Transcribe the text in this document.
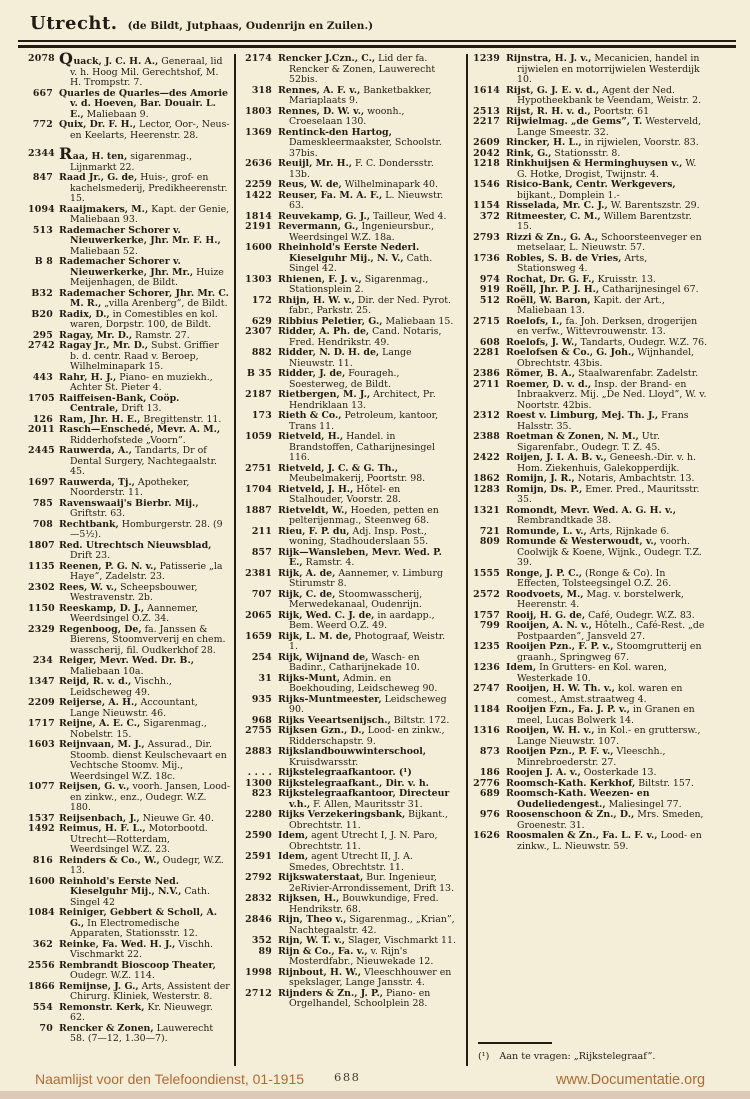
Utrecht. (de Bildt, Jutphaas, Oudenrijn en Zuilen.)
2078 Quack, J. C. H. A., Generaal, lid v. h. Hoog Mil. Gerechtshof, M. H. Trompstr. 7.
667 Quarles de Quarles—des Amorie v. d. Hoeven, Bar. Douair. L. E., Maliebaan 9.
772 Quix, Dr. F. H., Lector, Oor-, Neus- en Keelarts, Heerenstr. 28.
2344 Raa, H. ten, sigarenmag., Lijnmarkt 22.
847 Raad Jr., G. de, Huis-, grof- en kachelsmederij, Predikheerenstr. 15.
1094 Raaijmakers, M., Kapt. der Genie, Maliebaan 93.
513 Rademacher Schorer v. Nieuwerkerke, Jhr. Mr. F. H., Maliebaan 52.
B 8 Rademacher Schorer v. Nieuwerkerke, Jhr. Mr., Huize Meijenhagen, de Bildt.
B32 Rademacher Schorer, Jhr. Mr. C. M. R., „villa Arenberg”, de Bildt.
B20 Radix, D., in Comestibles en kol. waren, Dorpstr. 100, de Bildt.
295 Ragay, Mr. D., Ramstr. 27.
2742 Ragay Jr., Mr. D., Subst. Griffier b. d. centr. Raad v. Beroep, Wilhelminapark 15.
443 Rahr, H. J., Piano- en muziekh., Achter St. Pieter 4.
1705 Raiffeisen-Bank, Coöp. Centrale, Drift 13.
126 Ram, Jhr. H. E., Bregittenstr. 11.
2011 Rasch—Enschedé, Mevr. A. M., Ridderhofstede „Voorn”.
2445 Rauwerda, A., Tandarts, Dr of Dental Surgery, Nachtegaalstr. 45.
1697 Rauwerda, Tj., Apotheker, Noorderstr. 11.
785 Ravenswaaij's Bierbr. Mij., Griftstr. 63.
708 Rechtbank, Homburgerstr. 28. (9—5½).
1807 Red. Utrechtsch Nieuwsblad, Drift 23.
1135 Reenen, P. G. N. v., Patisserie „la Haye”, Zadelstr. 23.
2302 Rees, W. v., Scheepsbouwer, Westravenstr. 2b.
1150 Reeskamp, D. J., Aannemer, Weerdsingel O.Z. 34.
2329 Regenboog, De, fa. Janssen & Bierens, Stoomververij en chem. wasscherij, fil. Oudkerkhof 28.
234 Reiger, Mevr. Wed. Dr. B., Maliebaan 10a.
1347 Reijd, R. v. d., Vischh., Leidscheweg 49.
2209 Reijerse, A. H., Accountant, Lange Nieuwstr. 46.
1717 Reijne, A. E. C., Sigarenmag., Nobelstr. 15.
1603 Reijnvaan, M. J., Assurad., Dir. Stoomb. dienst Keulschevaart en Vechtsche Stoomv. Mij., Weerdsingel W.Z. 18c.
1077 Reijsen, G. v., voorh. Jansen, Lood- en zinkw., enz., Oudegr. W.Z. 180.
1537 Reijsenbach, J., Nieuwe Gr. 40.
1492 Reimus, H. F. L., Motorbootd. Utrecht—Rotterdam, Weerdsingel W.Z. 23.
816 Reinders & Co., W., Oudegr, W.Z. 13.
1600 Reinhold's Eerste Ned. Kieselguhr Mij., N.V., Cath. Singel 42
1084 Reiniger, Gebbert & Scholl, A. G., In Electromedische Apparaten, Stationsstr. 12.
362 Reinke, Fa. Wed. H. J., Vischh. Vischmarkt 22.
2556 Rembrandt Bioscoop Theater, Oudegr. W.Z. 114.
1866 Remijnse, J. G., Arts, Assistent der Chirurg. Kliniek, Westerstr. 8.
554 Remonstr. Kerk, Kr. Nieuwegr. 62.
70 Rencker & Zonen, Lauwerecht 58. (7—12, 1.30—7).
2174 Rencker J.Czn., C., Lid der fa. Rencker & Zonen, Lauwerecht 52bis.
318 Rennes, A. F. v., Banketbakker, Mariaplaats 9.
1803 Rennes, D. W. v., woonh., Croeselaan 130.
1369 Rentinck-den Hartog, Dameskleermaakster, Schoolstr. 37bis.
2636 Reuijl, Mr. H., F. C. Dondersstr. 13b.
2259 Reus, W. de, Wilhelminapark 40.
1422 Reuser, Fa. M. A. F., L. Nieuwstr. 63.
1814 Reuvekamp, G. J., Tailleur, Wed 4.
2191 Revermann, G., Ingenieursbur., Weerdsingel W.Z. 18a.
1600 Rheinhold's Eerste Nederl. Kieselguhr Mij., N. V., Cath. Singel 42.
1303 Rhienen, F. J. v., Sigarenmag., Stationsplein 2.
172 Rhijn, H. W. v., Dir. der Ned. Pyrot. fabr., Parkstr. 25.
629 Ribbius Peletier, G., Maliebaan 15.
2307 Ridder, A. Ph. de, Cand. Notaris, Fred. Hendrikstr. 49.
882 Ridder, N. D. H. de, Lange Nieuwstr. 11.
B 35 Ridder, J. de, Fourageh., Soesterweg, de Bildt.
2187 Rietbergen, M. J., Architect, Pr. Hendriklaan 13.
173 Rieth & Co., Petroleum, kantoor, Trans 11.
1059 Rietveld, H., Handel. in Brandstoffen, Catharijnesingel 116.
2751 Rietveld, J. C. & G. Th., Meubelmakerij, Poortstr. 98.
1704 Rietveld, J. H., Hôtel- en Stalhouder, Voorstr. 28.
1887 Rietveldt, W., Hoeden, petten en pelterijenmag., Steenweg 68.
211 Rieu, F. P. du, Adj. Insp. Post., woning, Stadhouderslaan 55.
857 Rijk—Wansleben, Mevr. Wed. P. E., Ramstr. 4.
2381 Rijk, A. de, Aannemer, v. Limburg Stirumstr 8.
707 Rijk, C. de, Stoomwasscherij, Merwedekanaal, Oudenrijn.
2065 Rijk, Wed. C. J. de, in aardapp., Bem. Weerd O.Z. 49.
1659 Rijk, L. M. de, Photograaf, Weistr. 1.
254 Rijk, Wijnand de, Wasch- en Badinr., Catharijnekade 10.
31 Rijks-Munt, Admin. en Boekhouding, Leidscheweg 90.
935 Rijks-Muntmeester, Leidscheweg 90.
968 Rijks Veeartsenijsch., Biltstr. 172.
2755 Rijksen Gzn., D., Lood- en zinkw., Ridderschapstr. 9.
2883 Rijkslandbouwwinterschool, Kruisdwarsstr.
. . . . Rijkstelegraafkantoor. (¹)
1300 Rijkstelegraafkant., Dir. v. h.
823 Rijkstelegraafkantoor, Directeur v.h., F. Allen, Mauritsstr 31.
2280 Rijks Verzekeringsbank, Bijkant., Obrechtstr. 11.
2590 Idem, agent Utrecht I, J. N. Paro, Obrechtstr. 11.
2591 Idem, agent Utrecht II, J. A. Smedes, Obrechtstr. 11.
2792 Rijkswaterstaat, Bur. Ingenieur, 2eRivier-Arrondissement, Drift 13.
2832 Rijksen, H., Bouwkundige, Fred. Hendrikstr. 68.
2846 Rijn, Theo v., Sigarenmag., „Krian”, Nachtegaalstr. 42.
352 Rijn, W. T. v., Slager, Vischmarkt 11.
89 Rijn & Co., Fa. v., v. Rijn's Mosterdfabr., Nieuwekade 12.
1998 Rijnbout, H. W., Vleeschhouwer en spekslager, Lange Jansstr. 4.
2712 Rijnders & Zn., J. P., Piano- en Orgelhandel, Schoolplein 28.
1239 Rijnstra, H. J. v., Mecanicien, handel in rijwielen en motorrijwielen Westerdijk 10.
1614 Rijst, G. J. E. v. d., Agent der Ned. Hypotheekbank te Veendam, Weistr. 2.
2513 Rijst, R. H. v. d., Poortstr. 61
2217 Rijwielmag. „de Gems”, T. Westerveld, Lange Smeestr. 32.
2609 Rincker, H. L., in rijwielen, Voorstr. 83.
2042 Rink, G., Stationsstr. 8.
1218 Rinkhuijsen & Herminghuysen v., W. G. Hotke, Drogist, Twijnstr. 4.
1546 Risico-Bank, Centr. Werkgevers, bijkant., Domplein 1.-
1154 Risselada, Mr. C. J., W. Barentszstr. 29.
372 Ritmeester, C. M., Willem Barentzstr. 15.
2793 Rizzi & Zn., G. A., Schoorsteenveger en metselaar, L. Nieuwstr. 57.
1736 Robles, S. B. de Vries, Arts, Stationsweg 4.
974 Rochat, Dr. G. F., Kruisstr. 13.
919 Roëll, Jhr. P. J. H., Catharijnesingel 67.
512 Roëll, W. Baron, Kapit. der Art., Maliebaan 13.
2715 Roelofs, I., fa. Joh. Derksen, drogerijen en verfw., Wittevrouwenstr. 13.
608 Roelofs, J. W., Tandarts, Oudegr. W.Z. 76.
2281 Roelofsen & Co., G. Joh., Wijnhandel, Obrechtstr. 43bis.
2386 Römer, B. A., Staalwarenfabr. Zadelstr.
2711 Roemer, D. v. d., Insp. der Brand- en Inbraakverz. Mij. „De Ned. Lloyd”, W. v. Noortstr. 42bis.
2312 Roest v. Limburg, Mej. Th. J., Frans Halsstr. 35.
2388 Roetman & Zonen, N. M., Utr. Sigarenfabr., Oudegr. T. Z. 45.
2422 Roijen, J. I. A. B. v., Geneesh.-Dir. v. h. Hom. Ziekenhuis, Galekopperdijk.
1862 Romijn, J. R., Notaris, Ambachtstr. 13.
1283 Romijn, Ds. P., Emer. Pred., Mauritsstr. 35.
1321 Romondt, Mevr. Wed. A. G. H. v., Rembrandtkade 38.
721 Romunde, L. v., Arts, Rijnkade 6.
809 Romunde & Westerwoudt, v., voorh. Coolwijk & Koene, Wijnk., Oudegr. T.Z. 39.
1555 Ronge, J. P. C., (Ronge & Co). In Effecten, Tolsteegsingel O.Z. 26.
2572 Roodvoets, M., Mag. v. borstelwerk, Heerenstr. 4.
1757 Rooij, H. G. de, Café, Oudegr. W.Z. 83.
799 Rooijen, A. N. v., Hôtelh., Café-Rest. „de Postpaarden”, Jansveld 27.
1235 Rooijen Pzn., F. P. v., Stoomgrutterij en graanh., Springweg 67.
1236 Idem, In Grutters- en Kol. waren, Westerkade 10.
2747 Rooijen, H. W. Th. v., kol. waren en comest., Amst.straatweg 4.
1184 Rooijen Fzn., Fa. J. P. v., in Granen en meel, Lucas Bolwerk 14.
1316 Rooijen, W. H. v., in Kol.- en gruttersw., Lange Nieuwstr. 107.
873 Rooijen Pzn., P. F. v., Vleeschh., Minrebroederstr. 27.
186 Roojen J. A. v., Oosterkade 13.
2776 Roomsch-Kath. Kerkhof, Biltstr. 157.
689 Roomsch-Kath. Weezen- en Oudeliedengest., Maliesingel 77.
976 Roosenschoon & Zn., D., Mrs. Smeden, Groenestr. 31.
1626 Roosmalen & Zn., Fa. L. F. v., Lood- en zinkw., L. Nieuwstr. 59.
(¹) Aan te vragen: „Rijkstelegraaf”.
Naamlijst voor den Telefoondienst, 01-1915	688	www.Documentatie.org
